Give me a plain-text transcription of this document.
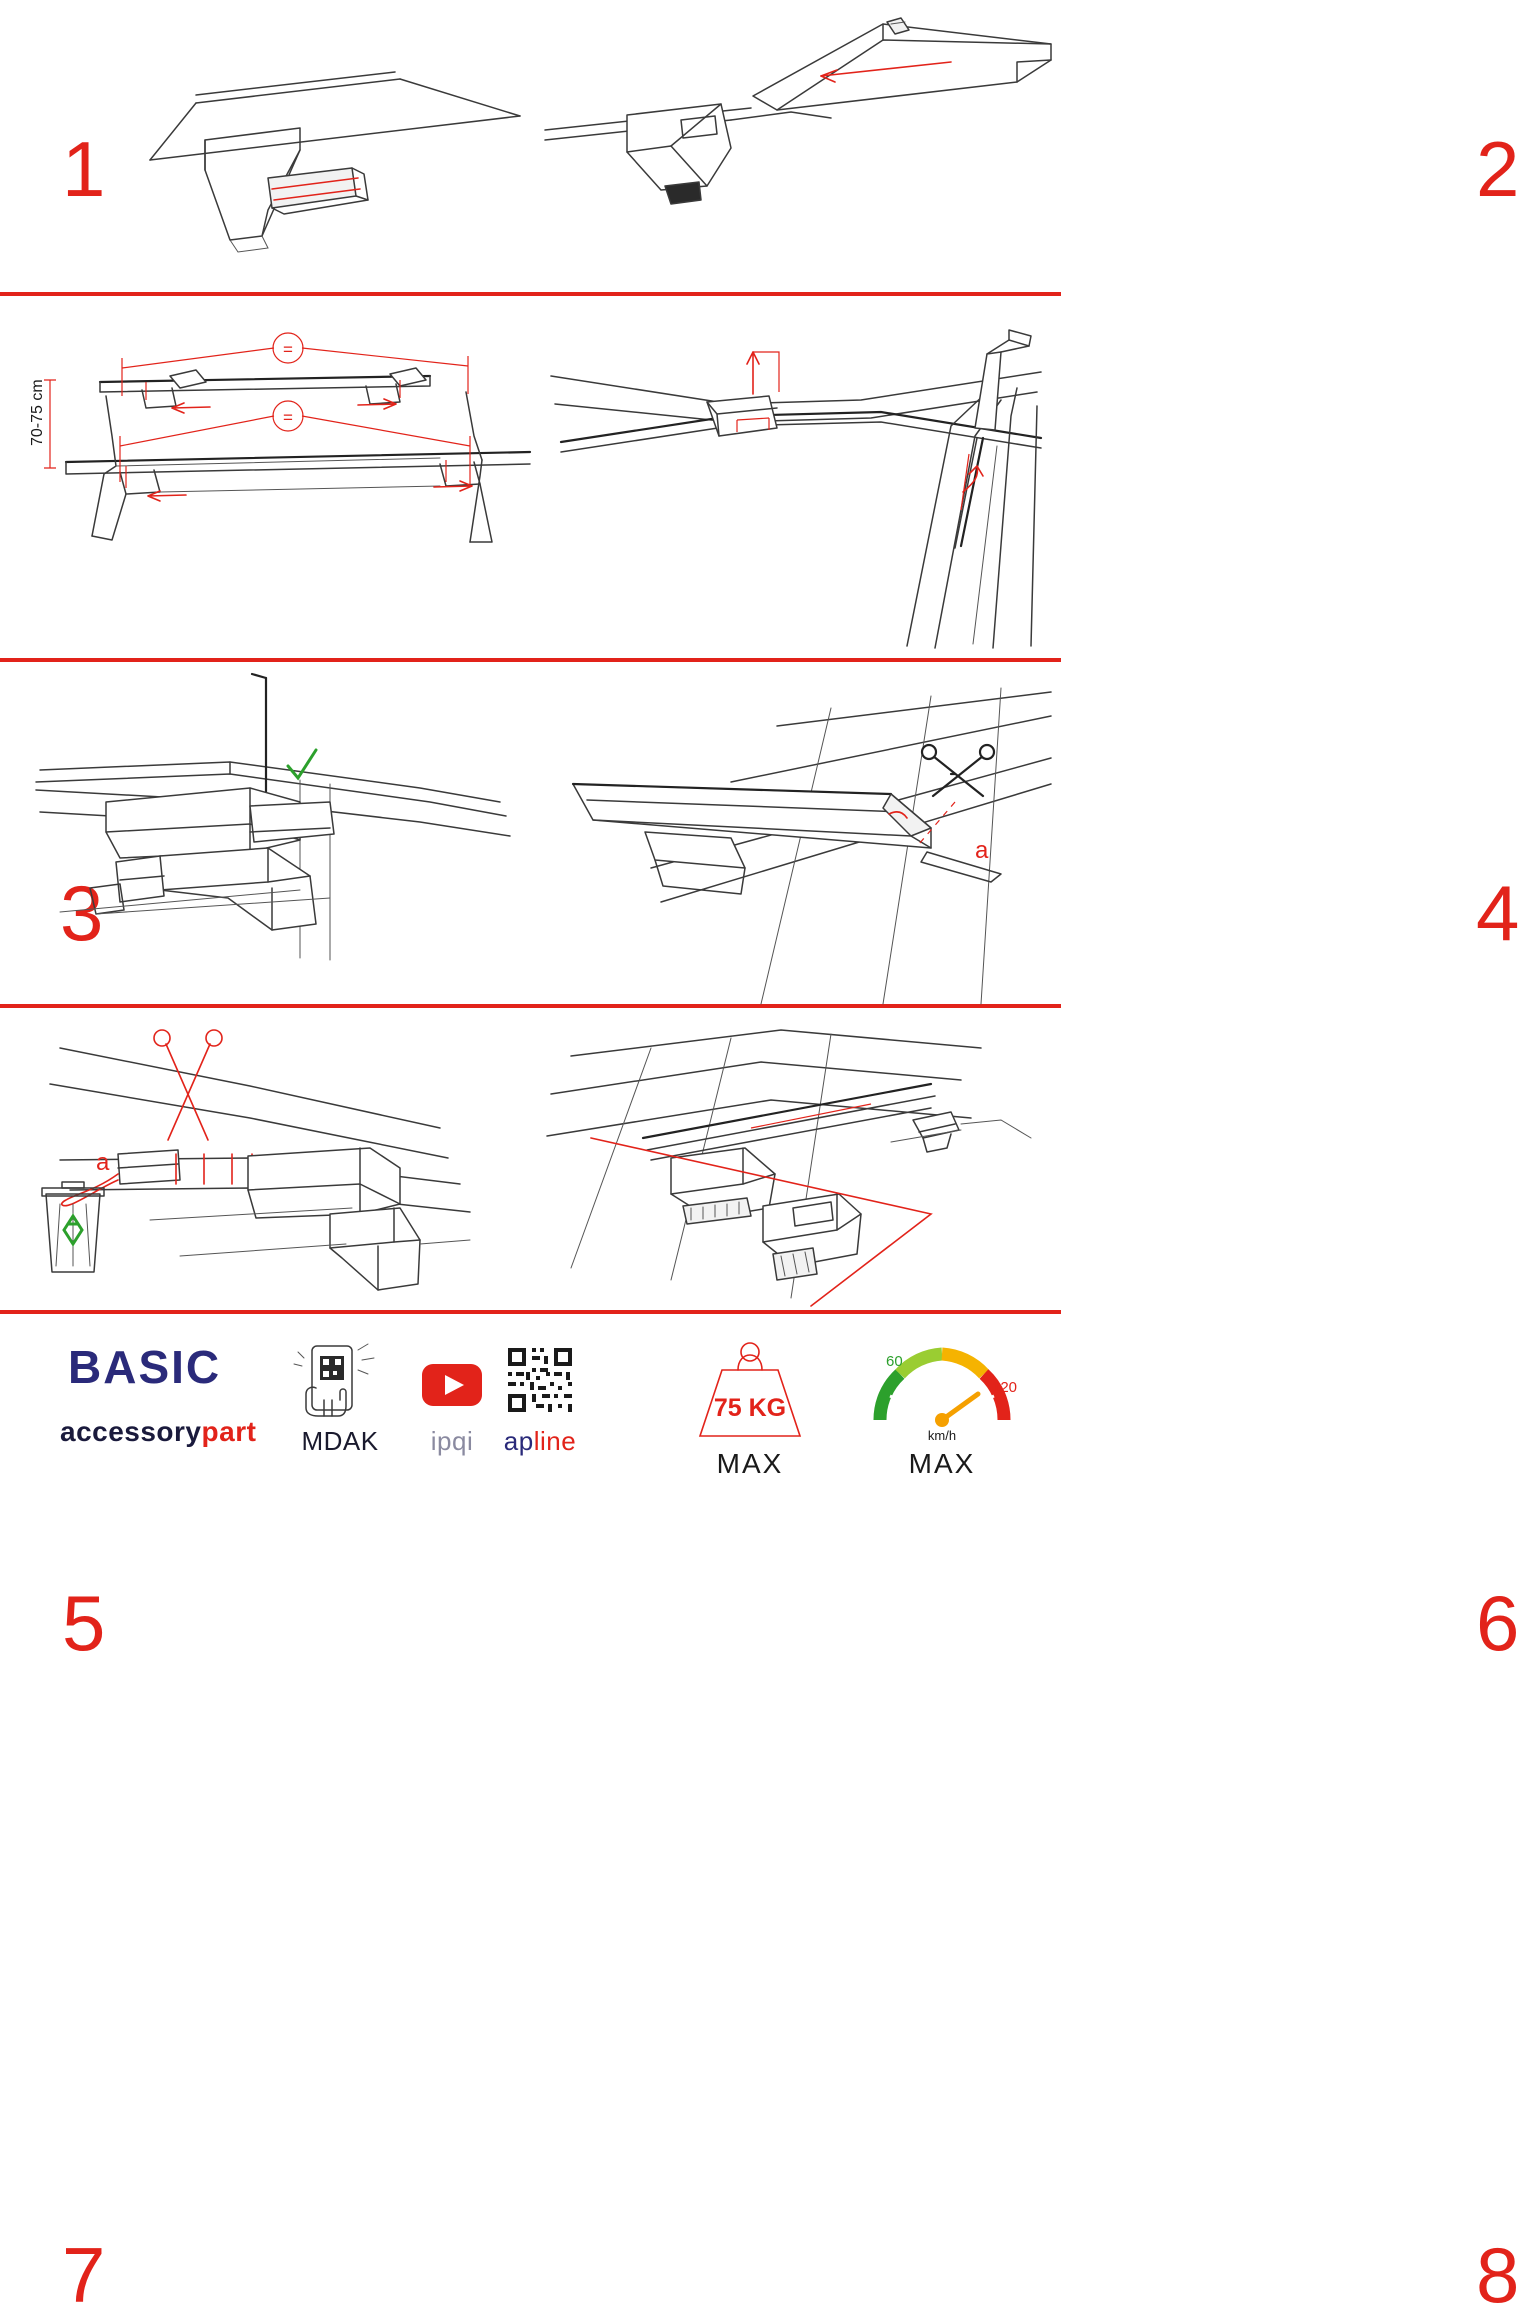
1	2
=
=
70-75 cm
3	4
5
a
6
a
7	8
BASIC
accessorypart	MDAK	ipqi	apline
75 KG
MAX
60
120
km/h
MAX
